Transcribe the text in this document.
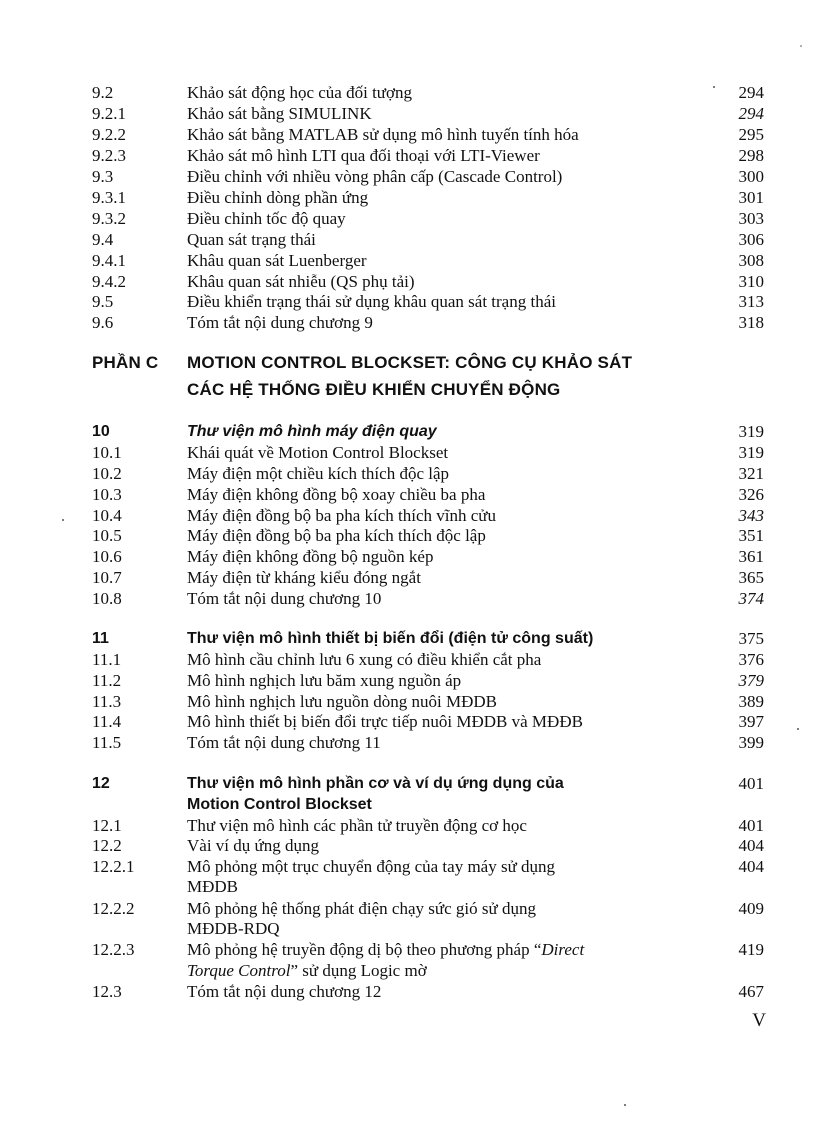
9.2	Khảo sát động học của đối tượng	294
9.2.1	Khảo sát bằng SIMULINK	294
9.2.2	Khảo sát bằng MATLAB sử dụng mô hình tuyến tính hóa	295
9.2.3	Khảo sát mô hình LTI qua đối thoại với LTI-Viewer	298
9.3	Điều chỉnh với nhiều vòng phân cấp (Cascade Control)	300
9.3.1	Điều chỉnh dòng phần ứng	301
9.3.2	Điều chỉnh tốc độ quay	303
9.4	Quan sát trạng thái	306
9.4.1	Khâu quan sát Luenberger	308
9.4.2	Khâu quan sát nhiễu (QS phụ tải)	310
9.5	Điều khiển trạng thái sử dụng khâu quan sát trạng thái	313
9.6	Tóm tắt nội dung chương 9	318
PHẦN C MOTION CONTROL BLOCKSET: CÔNG CỤ KHẢO SÁT
CÁC HỆ THỐNG ĐIỀU KHIỂN CHUYỂN ĐỘNG
10	Thư viện mô hình máy điện quay	319
10.1	Khái quát về Motion Control Blockset	319
10.2	Máy điện một chiều kích thích độc lập	321
10.3	Máy điện không đồng bộ xoay chiều ba pha	326
10.4	Máy điện đồng bộ ba pha kích thích vĩnh cửu	343
10.5	Máy điện đồng bộ ba pha kích thích độc lập	351
10.6	Máy điện không đồng bộ nguồn kép	361
10.7	Máy điện từ kháng kiểu đóng ngắt	365
10.8	Tóm tắt nội dung chương 10	374
11	Thư viện mô hình thiết bị biến đổi (điện tử công suất)	375
11.1	Mô hình cầu chỉnh lưu 6 xung có điều khiển cắt pha	376
11.2	Mô hình nghịch lưu băm xung nguồn áp	379
11.3	Mô hình nghịch lưu nguồn dòng nuôi MĐDB	389
11.4	Mô hình thiết bị biến đổi trực tiếp nuôi MĐDB và MĐĐB	397
11.5	Tóm tắt nội dung chương 11	399
12	Thư viện mô hình phần cơ và ví dụ ứng dụng của	401
Motion Control Blockset
12.1	Thư viện mô hình các phần tử truyền động cơ học	401
12.2	Vài ví dụ ứng dụng	404
12.2.1	Mô phỏng một trục chuyển động của tay máy sử dụng	404
MĐDB
12.2.2	Mô phỏng hệ thống phát điện chạy sức gió sử dụng	409
MĐDB-RDQ
12.2.3	Mô phỏng hệ truyền động dị bộ theo phương pháp “Direct	419
Torque Control” sử dụng Logic mờ
12.3	Tóm tắt nội dung chương 12	467
V
